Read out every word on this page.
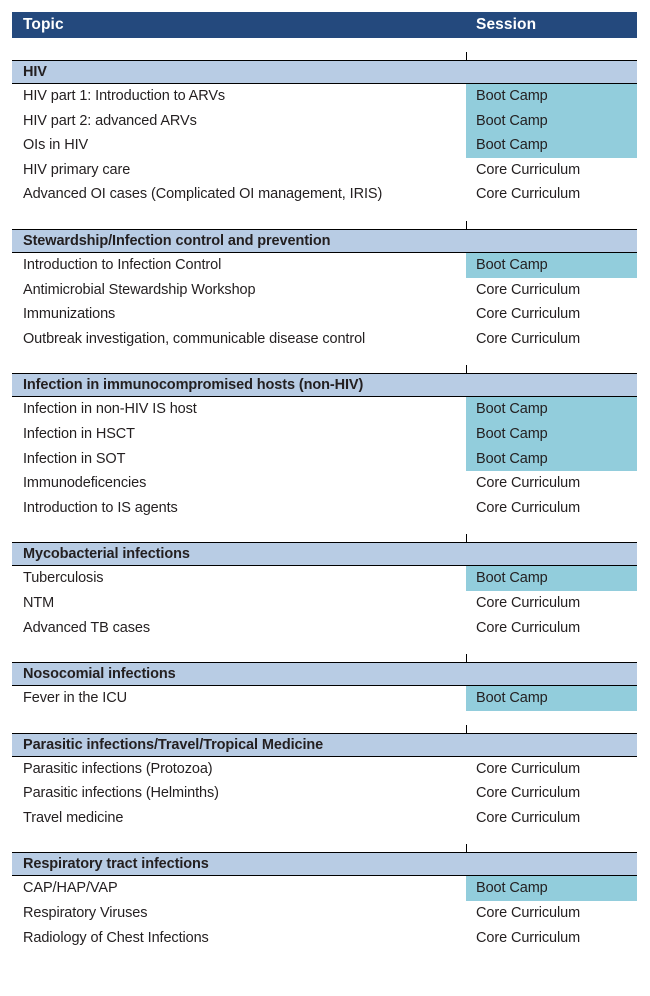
Topic	Session
HIV
HIV part 1: Introduction to ARVs	Boot Camp
HIV part 2: advanced ARVs	Boot Camp
OIs in HIV	Boot Camp
HIV primary care	Core Curriculum
Advanced OI cases (Complicated OI management, IRIS)	Core Curriculum
Stewardship/Infection control and prevention
Introduction to Infection Control	Boot Camp
Antimicrobial Stewardship Workshop	Core Curriculum
Immunizations	Core Curriculum
Outbreak investigation, communicable disease control	Core Curriculum
Infection in immunocompromised hosts (non-HIV)
Infection in non-HIV IS host	Boot Camp
Infection in HSCT	Boot Camp
Infection in SOT	Boot Camp
Immunodeficencies	Core Curriculum
Introduction to IS agents	Core Curriculum
Mycobacterial infections
Tuberculosis	Boot Camp
NTM	Core Curriculum
Advanced TB cases	Core Curriculum
Nosocomial infections
Fever in the ICU	Boot Camp
Parasitic infections/Travel/Tropical Medicine
Parasitic infections (Protozoa)	Core Curriculum
Parasitic infections (Helminths)	Core Curriculum
Travel medicine	Core Curriculum
Respiratory tract infections
CAP/HAP/VAP	Boot Camp
Respiratory Viruses	Core Curriculum
Radiology of Chest Infections	Core Curriculum
